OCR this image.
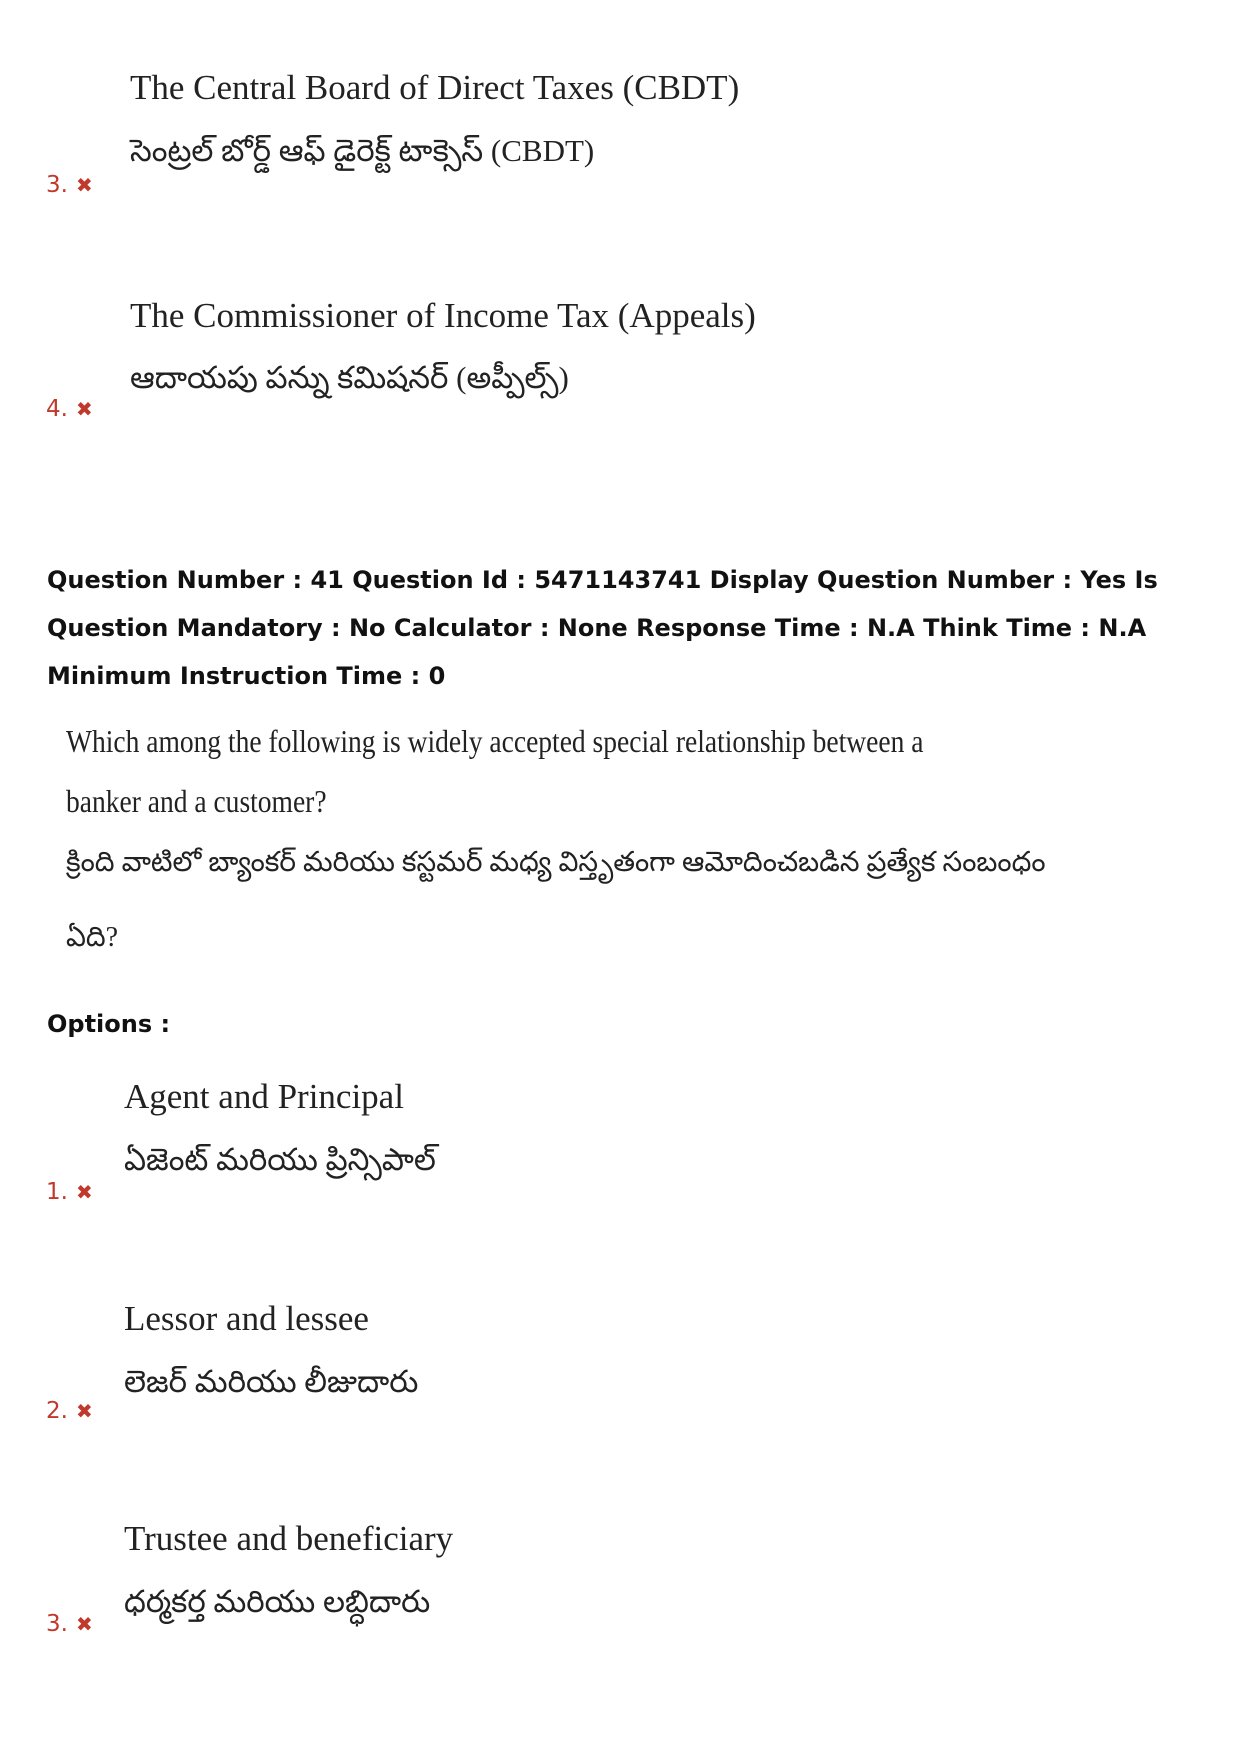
The Central Board of Direct Taxes (CBDT)
సెంట్రల్ బోర్డ్ ఆఫ్ డైరెక్ట్ టాక్సెస్ (CBDT)
3. ✖
The Commissioner of Income Tax (Appeals)
ఆదాయపు పన్ను కమిషనర్ (అప్పీల్స్)
4. ✖
Question Number : 41 Question Id : 5471143741 Display Question Number : Yes Is Question Mandatory : No Calculator : None Response Time : N.A Think Time : N.A Minimum Instruction Time : 0
Which among the following is widely accepted special relationship between a
banker and a customer?
క్రింది వాటిలో బ్యాంకర్ మరియు కస్టమర్ మధ్య విస్తృతంగా ఆమోదించబడిన ప్రత్యేక సంబంధం
ఏది?
Options :
Agent and Principal
ఏజెంట్ మరియు ప్రిన్సిపాల్
1. ✖
Lessor and lessee
లెజర్ మరియు లీజుదారు
2. ✖
Trustee and beneficiary
ధర్మకర్త మరియు లబ్ధిదారు
3. ✖
